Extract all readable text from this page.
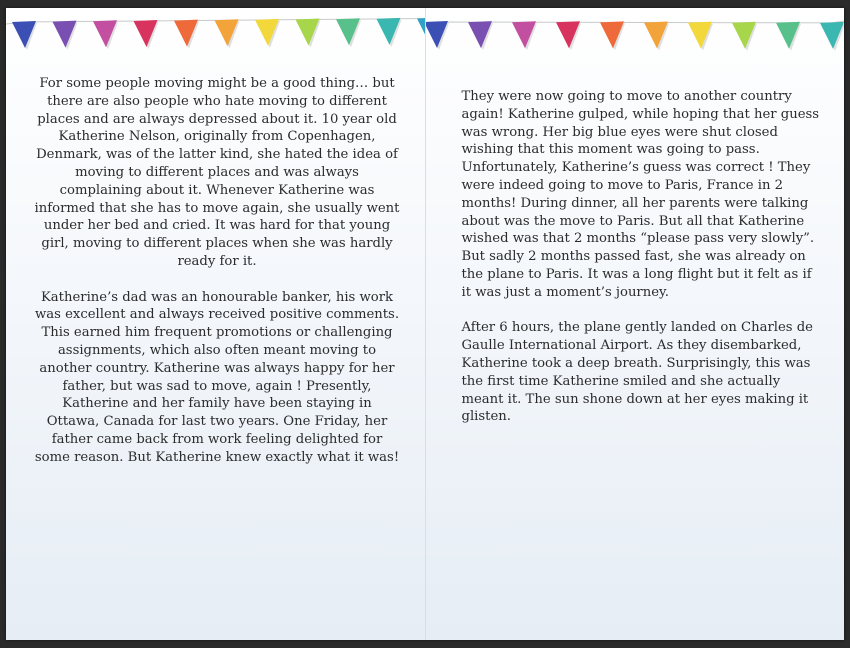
For some people moving might be a good thing… but there are also people who hate moving to different places and are always depressed about it. 10 year old Katherine Nelson, originally from Copenhagen, Denmark, was of the latter kind, she hated the idea of moving to different places and was always complaining about it. Whenever Katherine was informed that she has to move again, she usually went under her bed and cried. It was hard for that young girl, moving to different places when she was hardly ready for it.

Katherine’s dad was an honourable banker, his work was excellent and always received positive comments. This earned him frequent promotions or challenging assignments, which also often meant moving to another country. Katherine was always happy for her father, but was sad to move, again ! Presently, Katherine and her family have been staying in Ottawa, Canada for last two years. One Friday, her father came back from work feeling delighted for some reason. But Katherine knew exactly what it was!

They were now going to move to another country again! Katherine gulped, while hoping that her guess was wrong. Her big blue eyes were shut closed wishing that this moment was going to pass. Unfortunately, Katherine’s guess was correct ! They were indeed going to move to Paris, France in 2 months! During dinner, all her parents were talking about was the move to Paris. But all that Katherine wished was that 2 months “please pass very slowly”. But sadly 2 months passed fast, she was already on the plane to Paris. It was a long flight but it felt as if it was just a moment’s journey.

After 6 hours, the plane gently landed on Charles de Gaulle International Airport. As they disembarked, Katherine took a deep breath. Surprisingly, this was the first time Katherine smiled and she actually meant it. The sun shone down at her eyes making it glisten.
